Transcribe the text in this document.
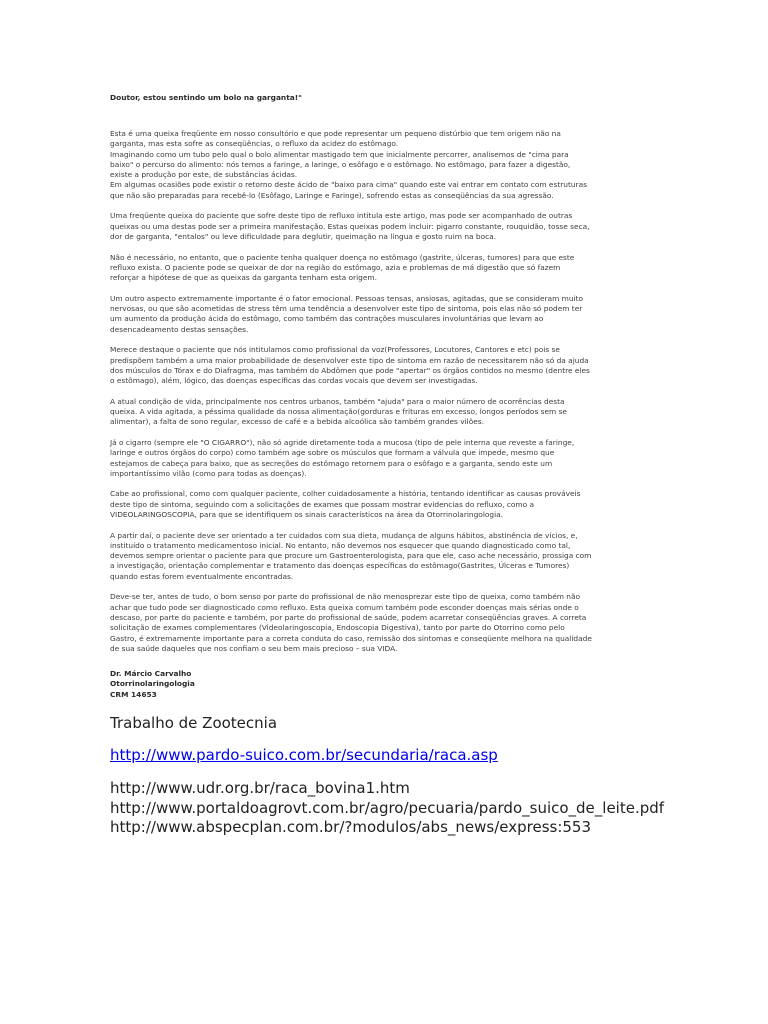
Doutor, estou sentindo um bolo na garganta!"
Esta é uma queixa freqüente em nosso consultório e que pode representar um pequeno distúrbio que tem origem não na
garganta, mas esta sofre as conseqüências, o refluxo da acidez do estômago.
Imaginando como um tubo pelo qual o bolo alimentar mastigado tem que inicialmente percorrer, analisemos de "cima para
baixo" o percurso do alimento: nós temos a faringe, a laringe, o esôfago e o estômago. No estômago, para fazer a digestão,
existe a produção por este, de substâncias ácidas.
Em algumas ocasiões pode existir o retorno deste ácido de "baixo para cima" quando este vai entrar em contato com estruturas
que não são preparadas para recebê-lo (Esôfago, Laringe e Faringe), sofrendo estas as conseqüências da sua agressão.
Uma freqüente queixa do paciente que sofre deste tipo de refluxo intitula este artigo, mas pode ser acompanhado de outras
queixas ou uma destas pode ser a primeira manifestação. Estas queixas podem incluir: pigarro constante, rouquidão, tosse seca,
dor de garganta, "entalos" ou leve dificuldade para deglutir, queimação na língua e gosto ruim na boca.
Não é necessário, no entanto, que o paciente tenha qualquer doença no estômago (gastrite, úlceras, tumores) para que este
refluxo exista. O paciente pode se queixar de dor na região do estômago, azia e problemas de má digestão que só fazem
reforçar a hipótese de que as queixas da garganta tenham esta origem.
Um outro aspecto extremamente importante é o fator emocional. Pessoas tensas, ansiosas, agitadas, que se consideram muito
nervosas, ou que são acometidas de stress têm uma tendência a desenvolver este tipo de sintoma, pois elas não só podem ter
um aumento da produção ácida do estômago, como também das contrações musculares involuntárias que levam ao
desencadeamento destas sensações.
Merece destaque o paciente que nós intitulamos como profissional da voz(Professores, Locutores, Cantores e etc) pois se
predispõem também a uma maior probabilidade de desenvolver este tipo de sintoma em razão de necessitarem não só da ajuda
dos músculos do Tórax e do Diafragma, mas também do Abdômen que pode "apertar" os órgãos contidos no mesmo (dentre eles
o estômago), além, lógico, das doenças específicas das cordas vocais que devem ser investigadas.
A atual condição de vida, principalmente nos centros urbanos, também "ajuda" para o maior número de ocorrências desta
queixa. A vida agitada, a péssima qualidade da nossa alimentação(gorduras e frituras em excesso, longos períodos sem se
alimentar), a falta de sono regular, excesso de café e a bebida alcoólica são também grandes vilões.
Já o cigarro (sempre ele "O CIGARRO"), não só agride diretamente toda a mucosa (tipo de pele interna que reveste a faringe,
laringe e outros órgãos do corpo) como também age sobre os músculos que formam a válvula que impede, mesmo que
estejamos de cabeça para baixo, que as secreções do estômago retornem para o esôfago e a garganta, sendo este um
importantíssimo vilão (como para todas as doenças).
Cabe ao profissional, como com qualquer paciente, colher cuidadosamente a história, tentando identificar as causas prováveis
deste tipo de sintoma, seguindo com a solicitações de exames que possam mostrar evidencias do refluxo, como a
VIDEOLARINGOSCOPIA, para que se identifiquem os sinais característicos na área da Otorrinolaringologia.
A partir daí, o paciente deve ser orientado a ter cuidados com sua dieta, mudança de alguns hábitos, abstinência de vícios, e,
instituído o tratamento medicamentoso inicial. No entanto, não devemos nos esquecer que quando diagnosticado como tal,
devemos sempre orientar o paciente para que procure um Gastroenterologista, para que ele, caso ache necessário, prossiga com
a investigação, orientação complementar e tratamento das doenças específicas do estômago(Gastrites, Úlceras e Tumores)
quando estas forem eventualmente encontradas.
Deve-se ter, antes de tudo, o bom senso por parte do profissional de não menosprezar este tipo de queixa, como também não
achar que tudo pode ser diagnosticado como refluxo. Esta queixa comum também pode esconder doenças mais sérias onde o
descaso, por parte do paciente e também, por parte do profissional de saúde, podem acarretar conseqüências graves. A correta
solicitação de exames complementares (Videolaringoscopia, Endoscopia Digestiva), tanto por parte do Otorrino como pelo
Gastro, é extremamente importante para a correta conduta do caso, remissão dos sintomas e conseqüente melhora na qualidade
de sua saúde daqueles que nos confiam o seu bem mais precioso – sua VIDA.
Dr. Márcio Carvalho
Otorrinolaringologia
CRM 14653
Trabalho de Zootecnia
http://www.pardo-suico.com.br/secundaria/raca.asp
http://www.udr.org.br/raca_bovina1.htm
http://www.portaldoagrovt.com.br/agro/pecuaria/pardo_suico_de_leite.pdf
http://www.abspecplan.com.br/?modulos/abs_news/express:553
